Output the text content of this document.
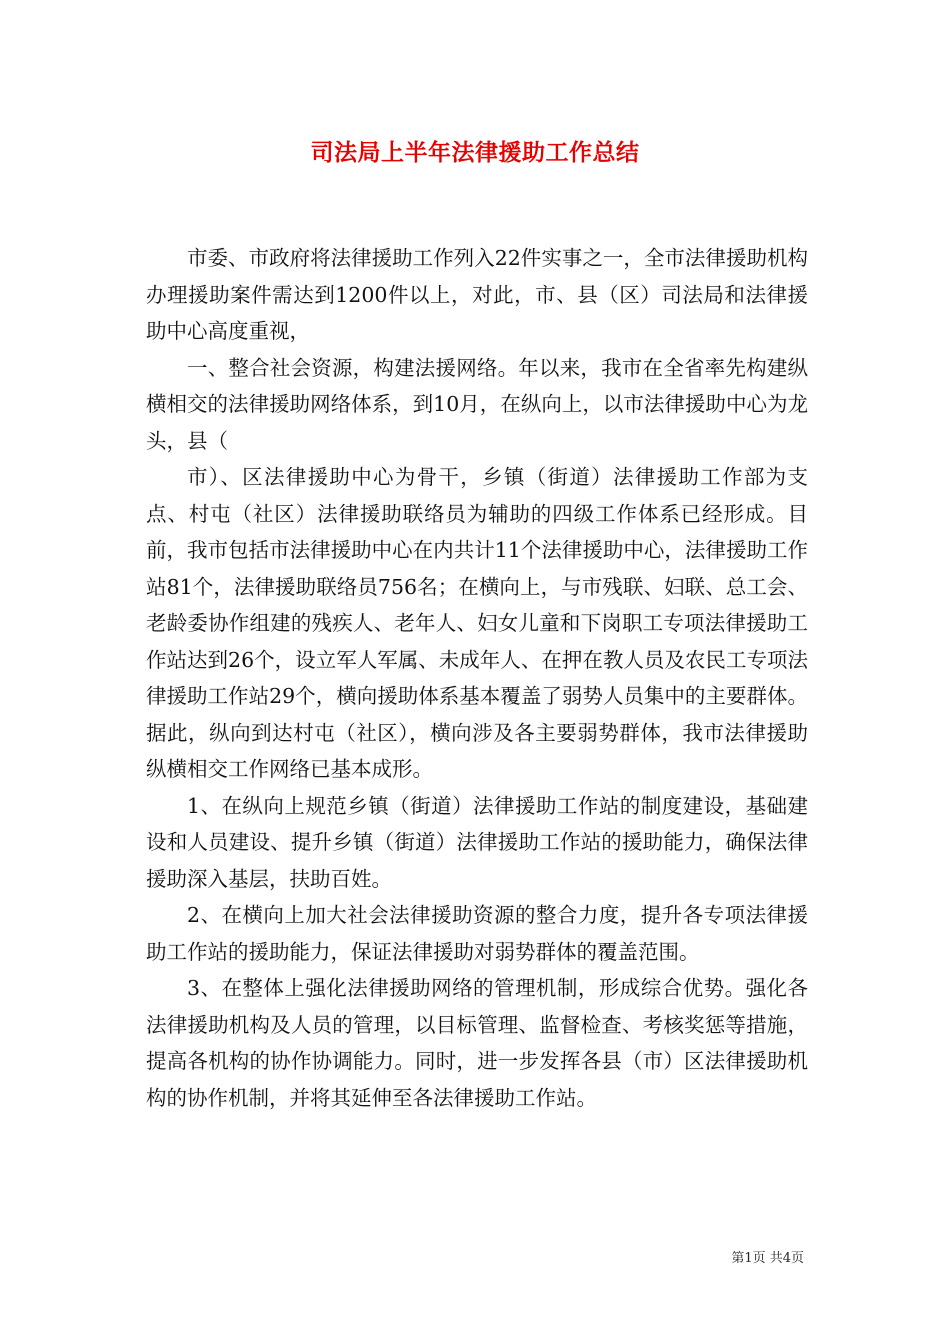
司法局上半年法律援助工作总结

市委、市政府将法律援助工作列入22件实事之一，全市法律援助机构办理援助案件需达到1200件以上，对此，市、县（区）司法局和法律援助中心高度重视，

一、整合社会资源，构建法援网络。年以来，我市在全省率先构建纵横相交的法律援助网络体系，到10月，在纵向上，以市法律援助中心为龙头，县（

市）、区法律援助中心为骨干，乡镇（街道）法律援助工作部为支点、村屯（社区）法律援助联络员为辅助的四级工作体系已经形成。目前，我市包括市法律援助中心在内共计11个法律援助中心，法律援助工作站81个，法律援助联络员756名；在横向上，与市残联、妇联、总工会、老龄委协作组建的残疾人、老年人、妇女儿童和下岗职工专项法律援助工作站达到26个，设立军人军属、未成年人、在押在教人员及农民工专项法律援助工作站29个，横向援助体系基本覆盖了弱势人员集中的主要群体。据此，纵向到达村屯（社区），横向涉及各主要弱势群体，我市法律援助纵横相交工作网络已基本成形。

1、在纵向上规范乡镇（街道）法律援助工作站的制度建设，基础建设和人员建设、提升乡镇（街道）法律援助工作站的援助能力，确保法律援助深入基层，扶助百姓。

2、在横向上加大社会法律援助资源的整合力度，提升各专项法律援助工作站的援助能力，保证法律援助对弱势群体的覆盖范围。

3、在整体上强化法律援助网络的管理机制，形成综合优势。强化各法律援助机构及人员的管理，以目标管理、监督检查、考核奖惩等措施，提高各机构的协作协调能力。同时，进一步发挥各县（市）区法律援助机构的协作机制，并将其延伸至各法律援助工作站。

第1页 共4页
